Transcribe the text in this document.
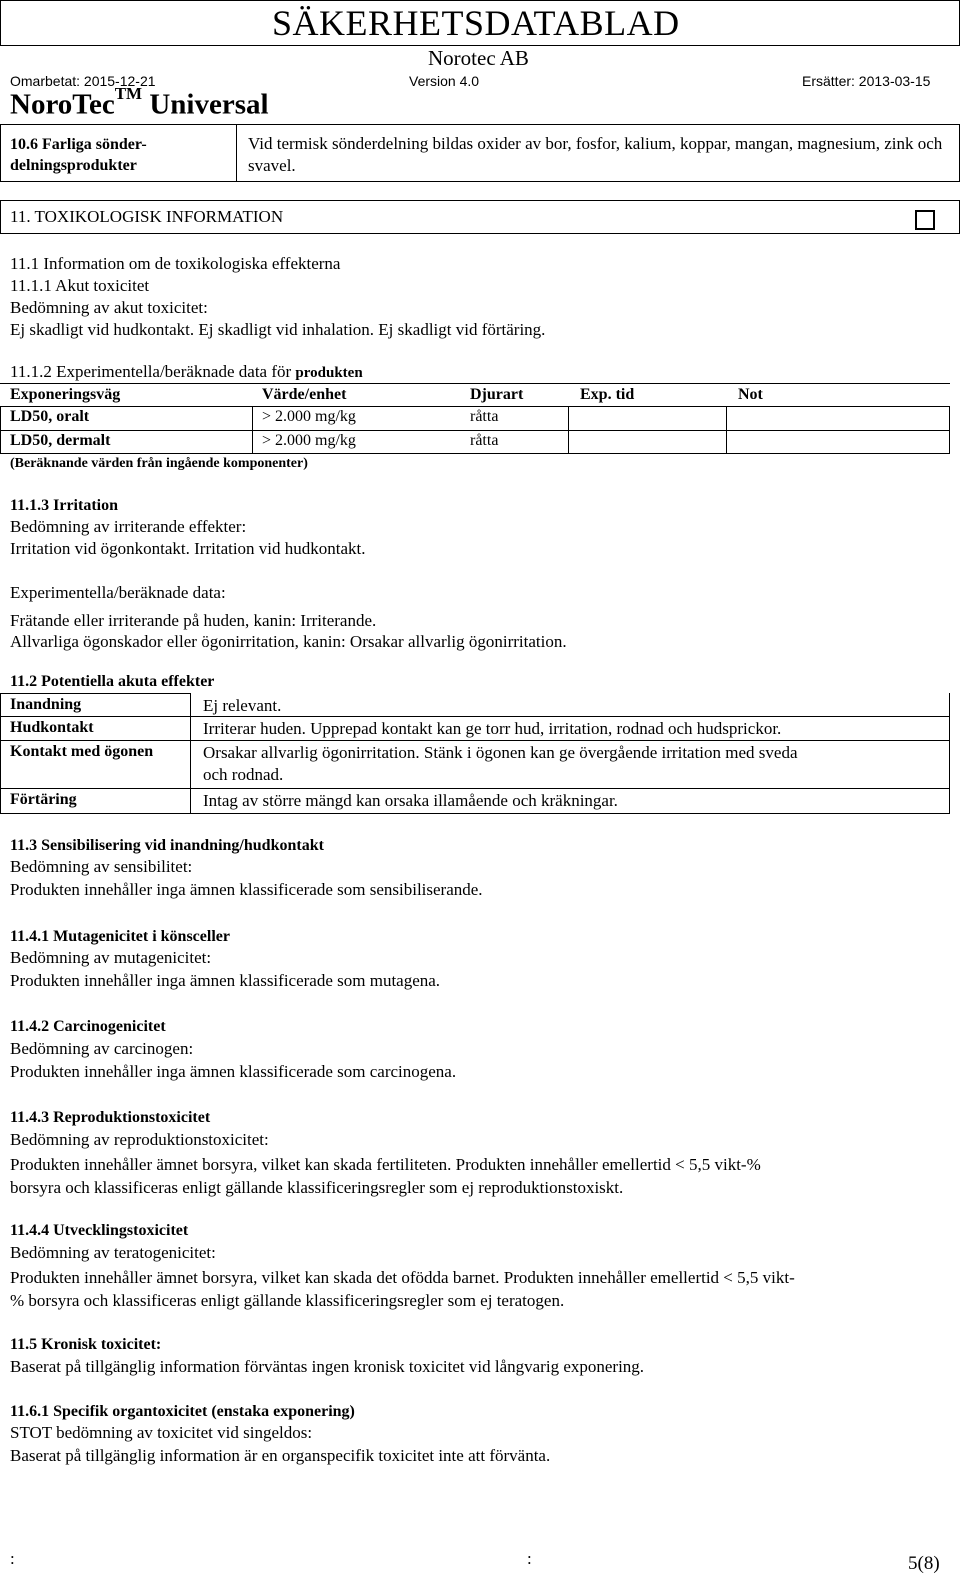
SÄKERHETSDATABLAD
Norotec AB
Omarbetat: 2015-12-21	Version 4.0	Ersätter: 2013-03-15
NoroTec™ Universal
10.6 Farliga sönder-
delningsprodukter
Vid termisk sönderdelning bildas oxider av bor, fosfor, kalium, koppar, mangan, magnesium, zink och svavel.
11. TOXIKOLOGISK INFORMATION
11.1 Information om de toxikologiska effekterna
11.1.1 Akut toxicitet
Bedömning av akut toxicitet:
Ej skadligt vid hudkontakt. Ej skadligt vid inhalation. Ej skadligt vid förtäring.
11.1.2 Experimentella/beräknade data för produkten
Exponeringsväg	Värde/enhet	Djurart	Exp. tid	Not
LD50, oralt	> 2.000 mg/kg	råtta
LD50, dermalt	> 2.000 mg/kg	råtta
(Beräknande värden från ingående komponenter)
11.1.3 Irritation
Bedömning av irriterande effekter:
Irritation vid ögonkontakt. Irritation vid hudkontakt.
Experimentella/beräknade data:
Frätande eller irriterande på huden, kanin: Irriterande.
Allvarliga ögonskador eller ögonirritation, kanin: Orsakar allvarlig ögonirritation.
11.2 Potentiella akuta effekter
Inandning	Ej relevant.
Hudkontakt	Irriterar huden. Upprepad kontakt kan ge torr hud, irritation, rodnad och hudsprickor.
Kontakt med ögonen	Orsakar allvarlig ögonirritation. Stänk i ögonen kan ge övergående irritation med sveda
och rodnad.
Förtäring	Intag av större mängd kan orsaka illamående och kräkningar.
11.3 Sensibilisering vid inandning/hudkontakt
Bedömning av sensibilitet:
Produkten innehåller inga ämnen klassificerade som sensibiliserande.
11.4.1 Mutagenicitet i könsceller
Bedömning av mutagenicitet:
Produkten innehåller inga ämnen klassificerade som mutagena.
11.4.2 Carcinogenicitet
Bedömning av carcinogen:
Produkten innehåller inga ämnen klassificerade som carcinogena.
11.4.3 Reproduktionstoxicitet
Bedömning av reproduktionstoxicitet:
Produkten innehåller ämnet borsyra, vilket kan skada fertiliteten. Produkten innehåller emellertid < 5,5 vikt-%
borsyra och klassificeras enligt gällande klassificeringsregler som ej reproduktionstoxiskt.
11.4.4 Utvecklingstoxicitet
Bedömning av teratogenicitet:
Produkten innehåller ämnet borsyra, vilket kan skada det ofödda barnet. Produkten innehåller emellertid < 5,5 vikt-
% borsyra och klassificeras enligt gällande klassificeringsregler som ej teratogen.
11.5 Kronisk toxicitet:
Baserat på tillgänglig information förväntas ingen kronisk toxicitet vid långvarig exponering.
11.6.1 Specifik organtoxicitet (enstaka exponering)
STOT bedömning av toxicitet vid singeldos:
Baserat på tillgänglig information är en organspecifik toxicitet inte att förvänta.
:	:	5(8)
